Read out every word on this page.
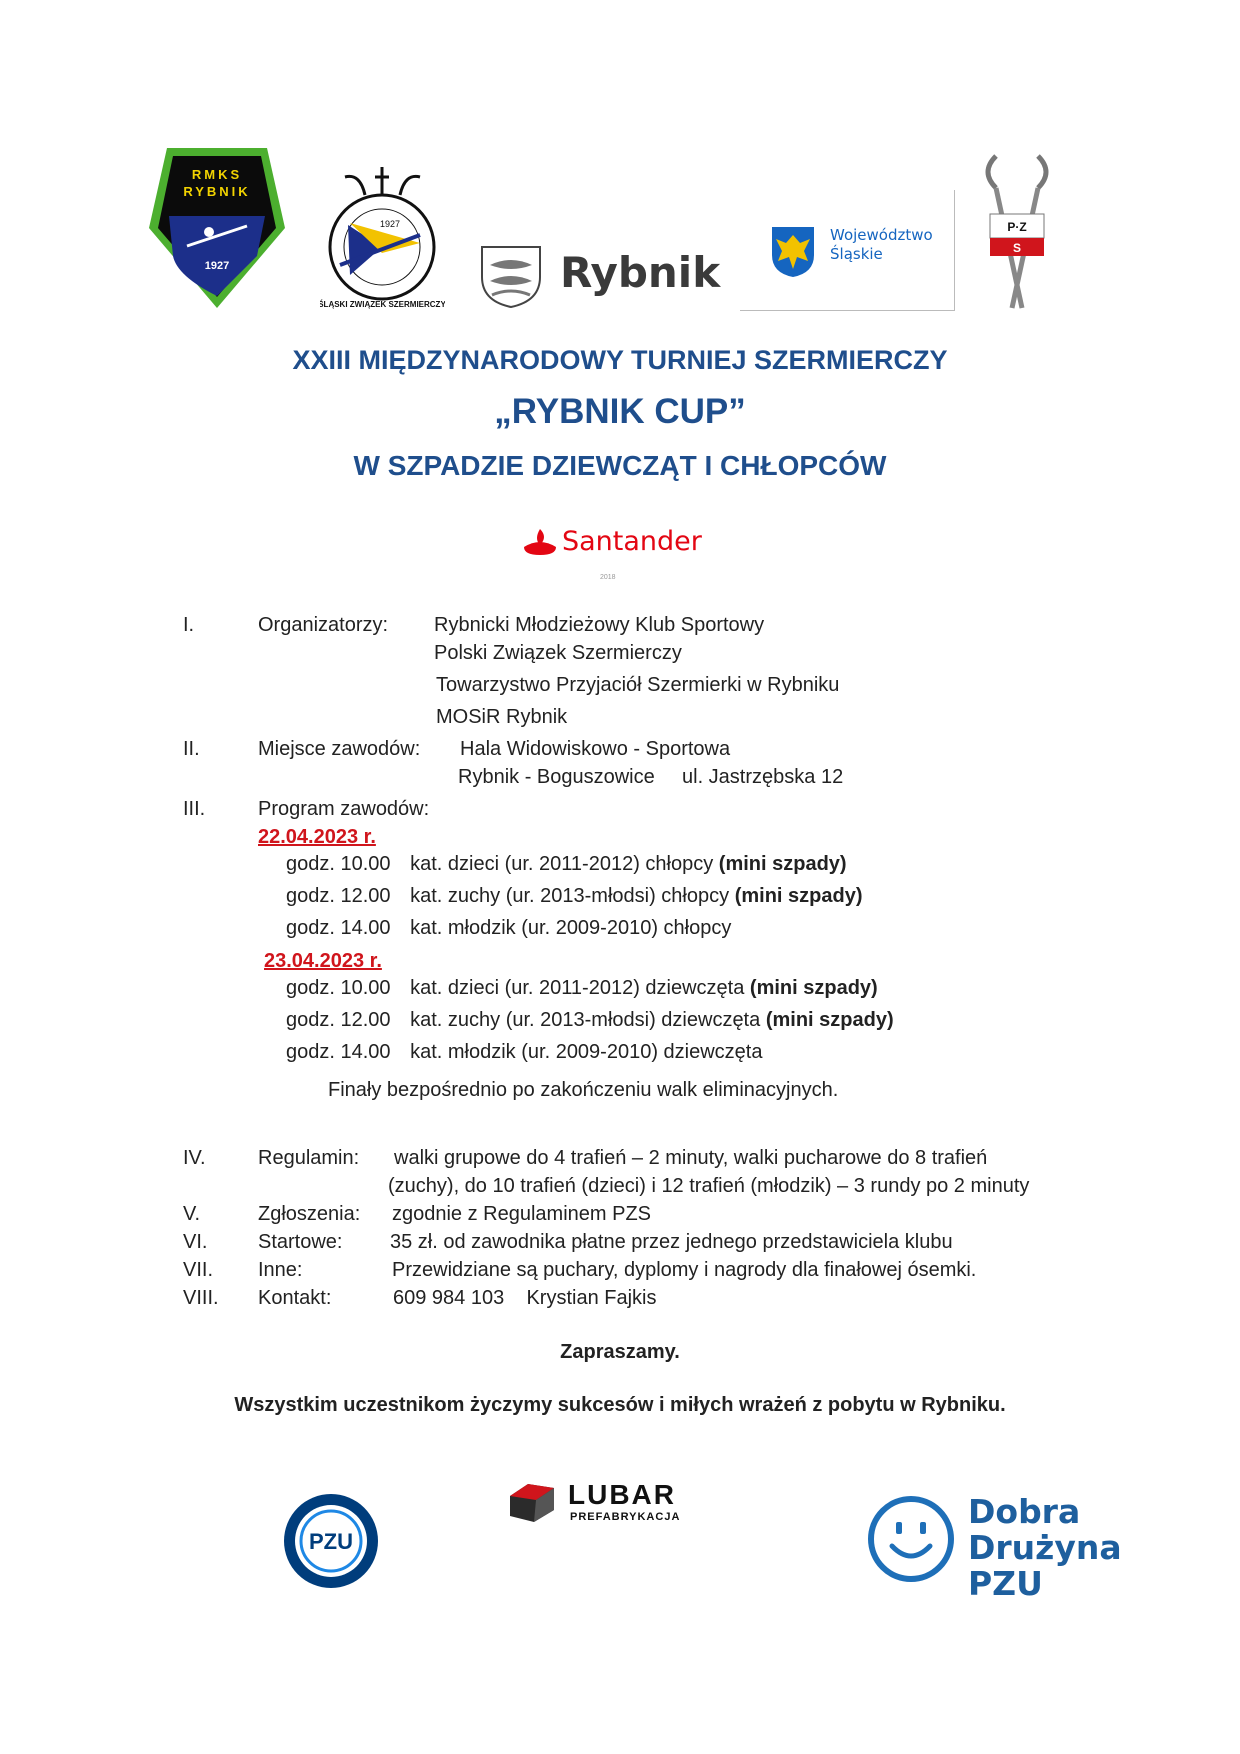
RMKS
RYBNIK
1927
1927
ŚLĄSKI ZWIĄZEK SZERMIERCZY
Rybnik
Województwo
Śląskie
P·Z
S
XXIII MIĘDZYNARODOWY TURNIEJ SZERMIERCZY
„RYBNIK CUP”
W SZPADZIE DZIEWCZĄT I CHŁOPCÓW
Santander
2018
I.	Organizatorzy: Rybnicki Młodzieżowy Klub Sportowy
Polski Związek Szermierczy
Towarzystwo Przyjaciół Szermierki w Rybniku
MOSiR Rybnik
II.	Miejsce zawodów: Hala Widowiskowo - Sportowa
Rybnik - Boguszowice ul. Jastrzębska 12
III.	Program zawodów:
22.04.2023 r.
godz. 10.00 kat. dzieci (ur. 2011-2012) chłopcy (mini szpady)
godz. 12.00 kat. zuchy (ur. 2013-młodsi) chłopcy (mini szpady)
godz. 14.00 kat. młodzik (ur. 2009-2010) chłopcy
23.04.2023 r.
godz. 10.00 kat. dzieci (ur. 2011-2012) dziewczęta (mini szpady)
godz. 12.00 kat. zuchy (ur. 2013-młodsi) dziewczęta (mini szpady)
godz. 14.00 kat. młodzik (ur. 2009-2010) dziewczęta
Finały bezpośrednio po zakończeniu walk eliminacyjnych.
IV.	Regulamin: walki grupowe do 4 trafień – 2 minuty, walki pucharowe do 8 trafień
(zuchy), do 10 trafień (dzieci) i 12 trafień (młodzik) – 3 rundy po 2 minuty
V.	Zgłoszenia: zgodnie z Regulaminem PZS
VI.	Startowe: 35 zł. od zawodnika płatne przez jednego przedstawiciela klubu
VII. Inne:	Przewidziane są puchary, dyplomy i nagrody dla finałowej ósemki.
VIII. Kontakt:	609 984 103    Krystian Fajkis
Zapraszamy.
Wszystkim uczestnikom życzymy sukcesów i miłych wrażeń z pobytu w Rybniku.
PZU
LUBAR
PREFABRYKACJA	Dobra
Drużyna
PZU
